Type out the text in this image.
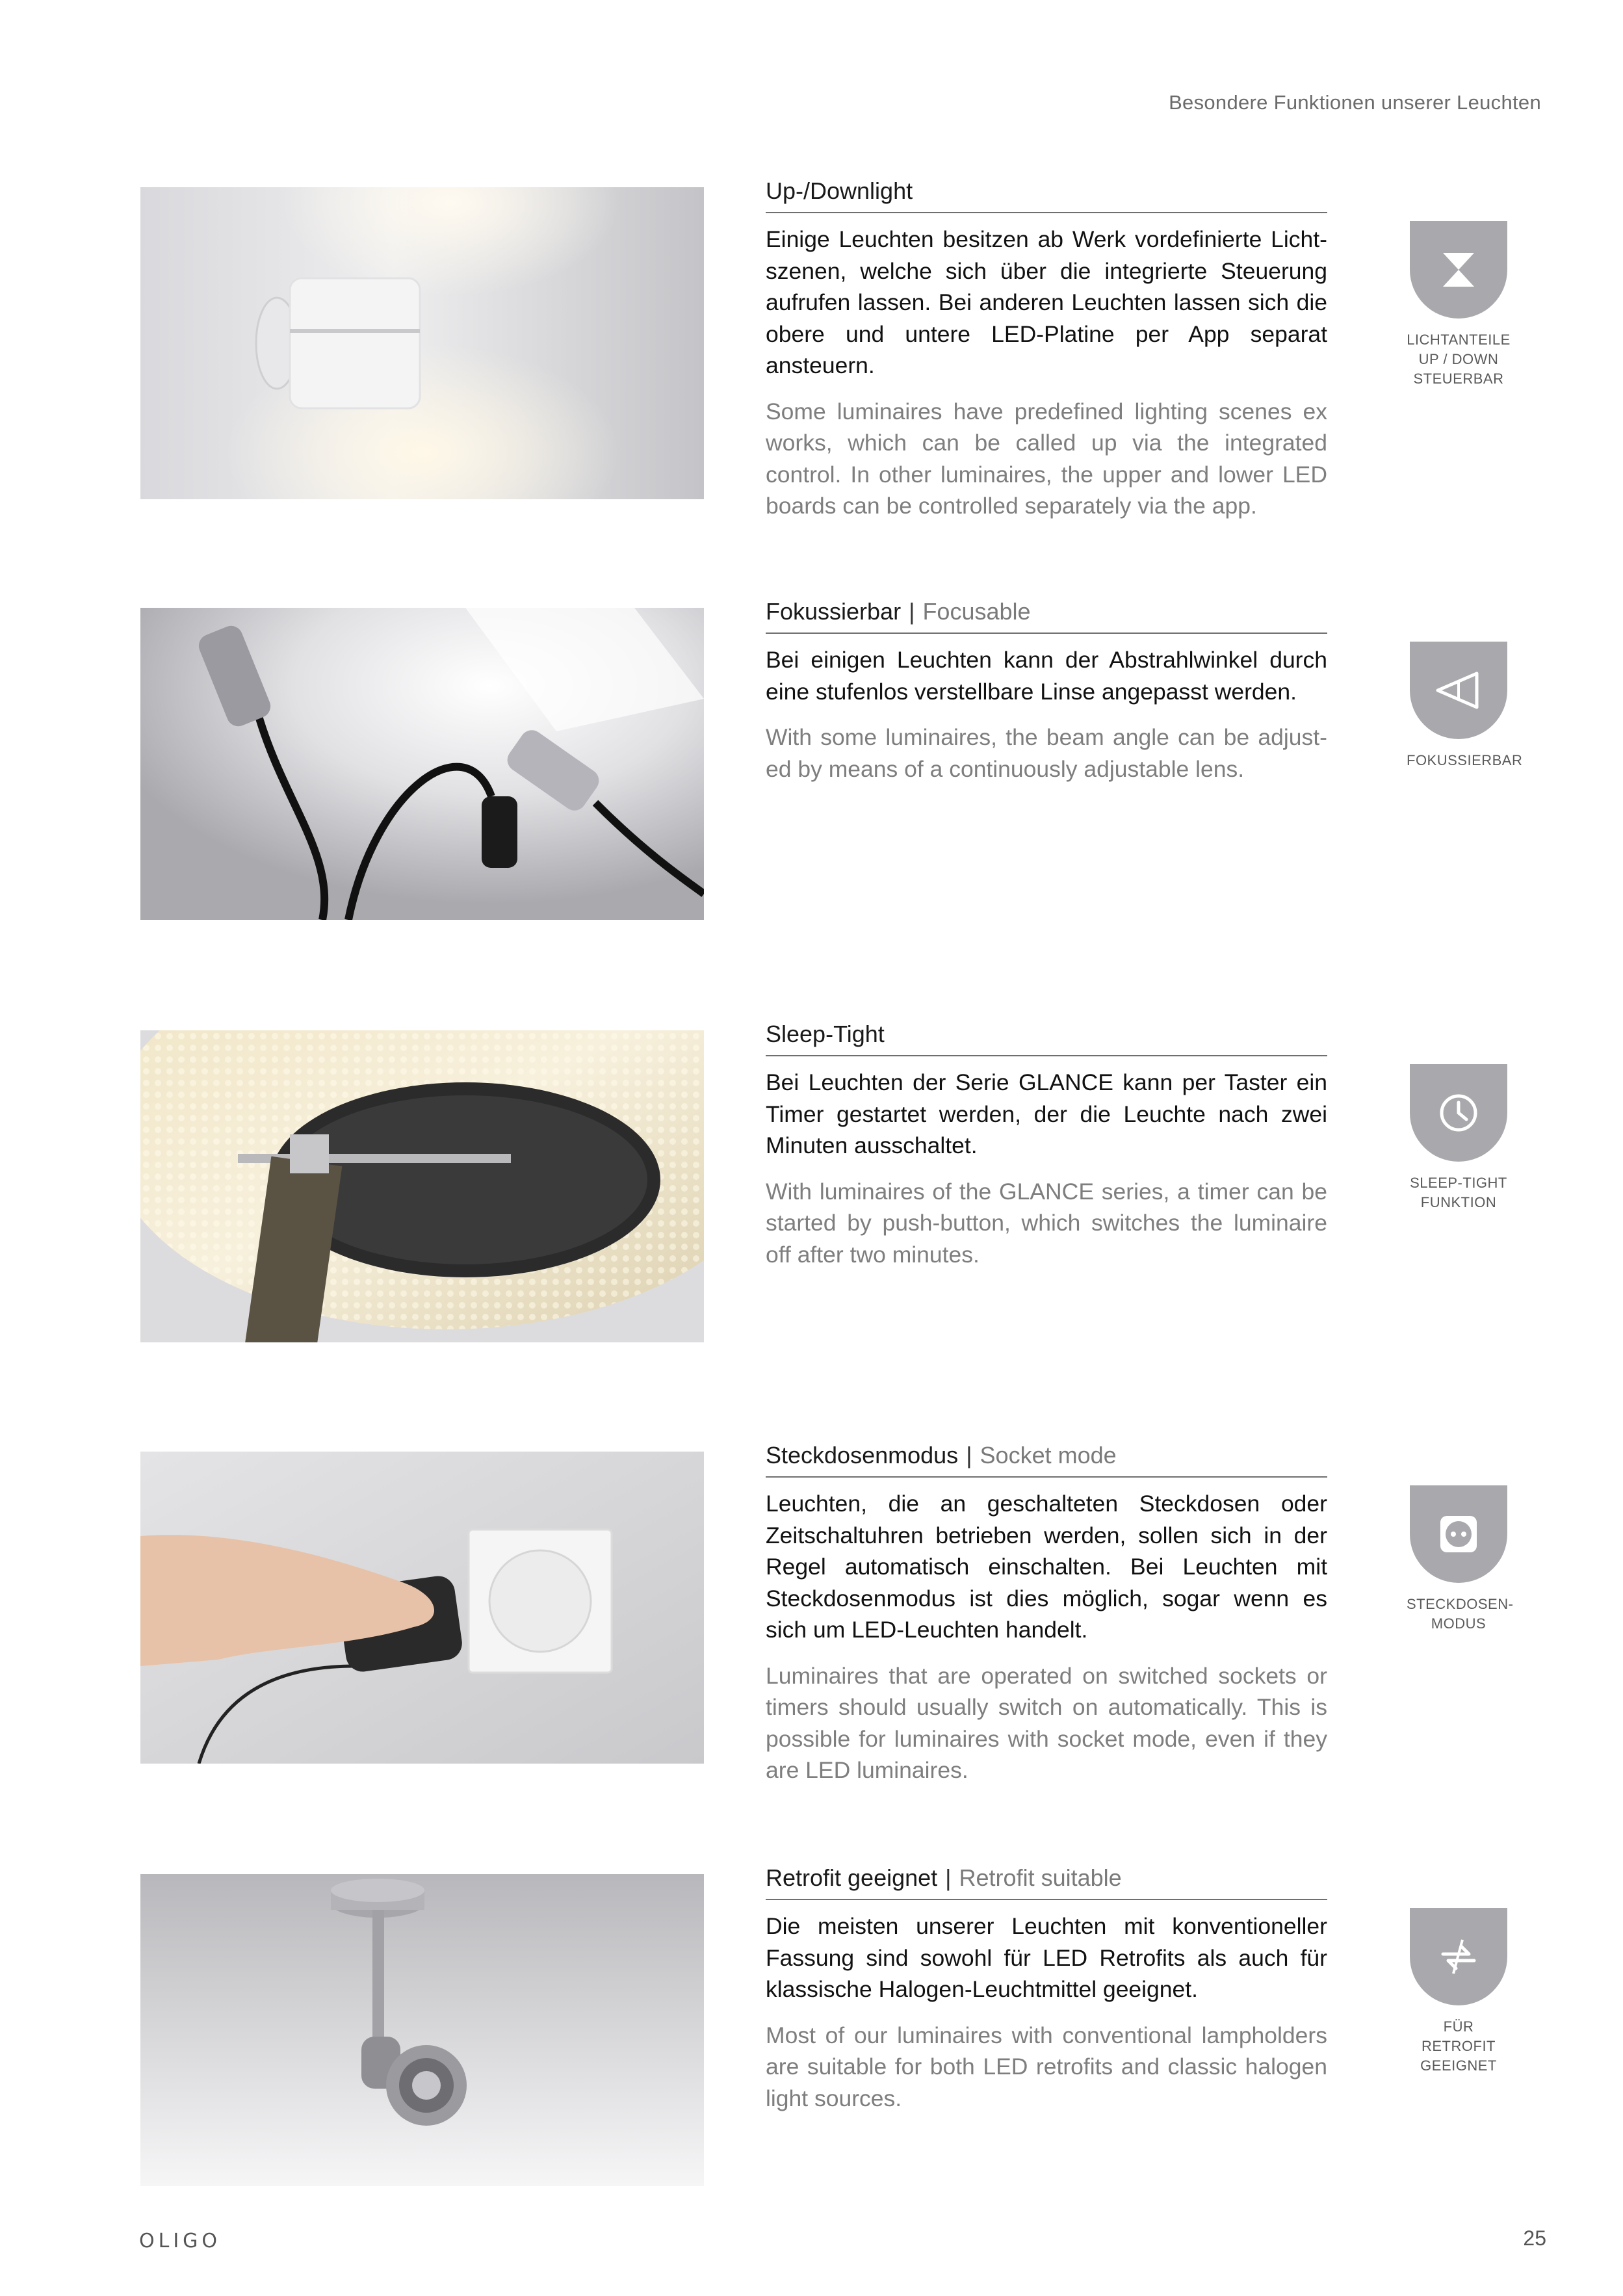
Besondere Funktionen unserer Leuchten
Up-/Downlight
Einige Leuchten besitzen ab Werk vordefinierte Lichtszenen, welche sich über die integrierte Steuerung aufrufen lassen. Bei anderen Leuchten lassen sich die obere und untere LED-Platine per App separat ansteuern.
Some luminaires have predefined lighting scenes ex works, which can be called up via the integrated control. In other luminaires, the upper and lower LED boards can be controlled separately via the app.
LICHTANTEILE
UP / DOWN
STEUERBAR
Fokussierbar | Focusable
Bei einigen Leuchten kann der Abstrahlwinkel durch eine stufenlos verstellbare Linse angepasst werden.
With some luminaires, the beam angle can be adjusted by means of a continuously adjustable lens.	FOKUSSIERBAR
Sleep-Tight
Bei Leuchten der Serie GLANCE kann per Taster ein Timer gestartet werden, der die Leuchte nach zwei Minuten ausschaltet.
With luminaires of the GLANCE series, a timer can be started by push-button, which switches the luminaire off after two minutes.
SLEEP-TIGHT
FUNKTION
Steckdosenmodus | Socket mode
Leuchten, die an geschalteten Steckdosen oder Zeitschaltuhren betrieben werden, sollen sich in der Regel automatisch einschalten. Bei Leuchten mit Steckdosenmodus ist dies möglich, sogar wenn es sich um LED-Leuchten handelt.
Luminaires that are operated on switched sockets or timers should usually switch on automatically. This is possible for luminaires with socket mode, even if they are LED luminaires.
STECKDOSEN-
MODUS
Retrofit geeignet | Retrofit suitable
Die meisten unserer Leuchten mit konventioneller Fassung sind sowohl für LED Retrofits als auch für klassische Halogen-Leuchtmittel geeignet.
Most of our luminaires with conventional lampholders are suitable for both LED retrofits and classic halogen light sources.
FÜR RETROFIT
GEEIGNET
OLIGO	25
